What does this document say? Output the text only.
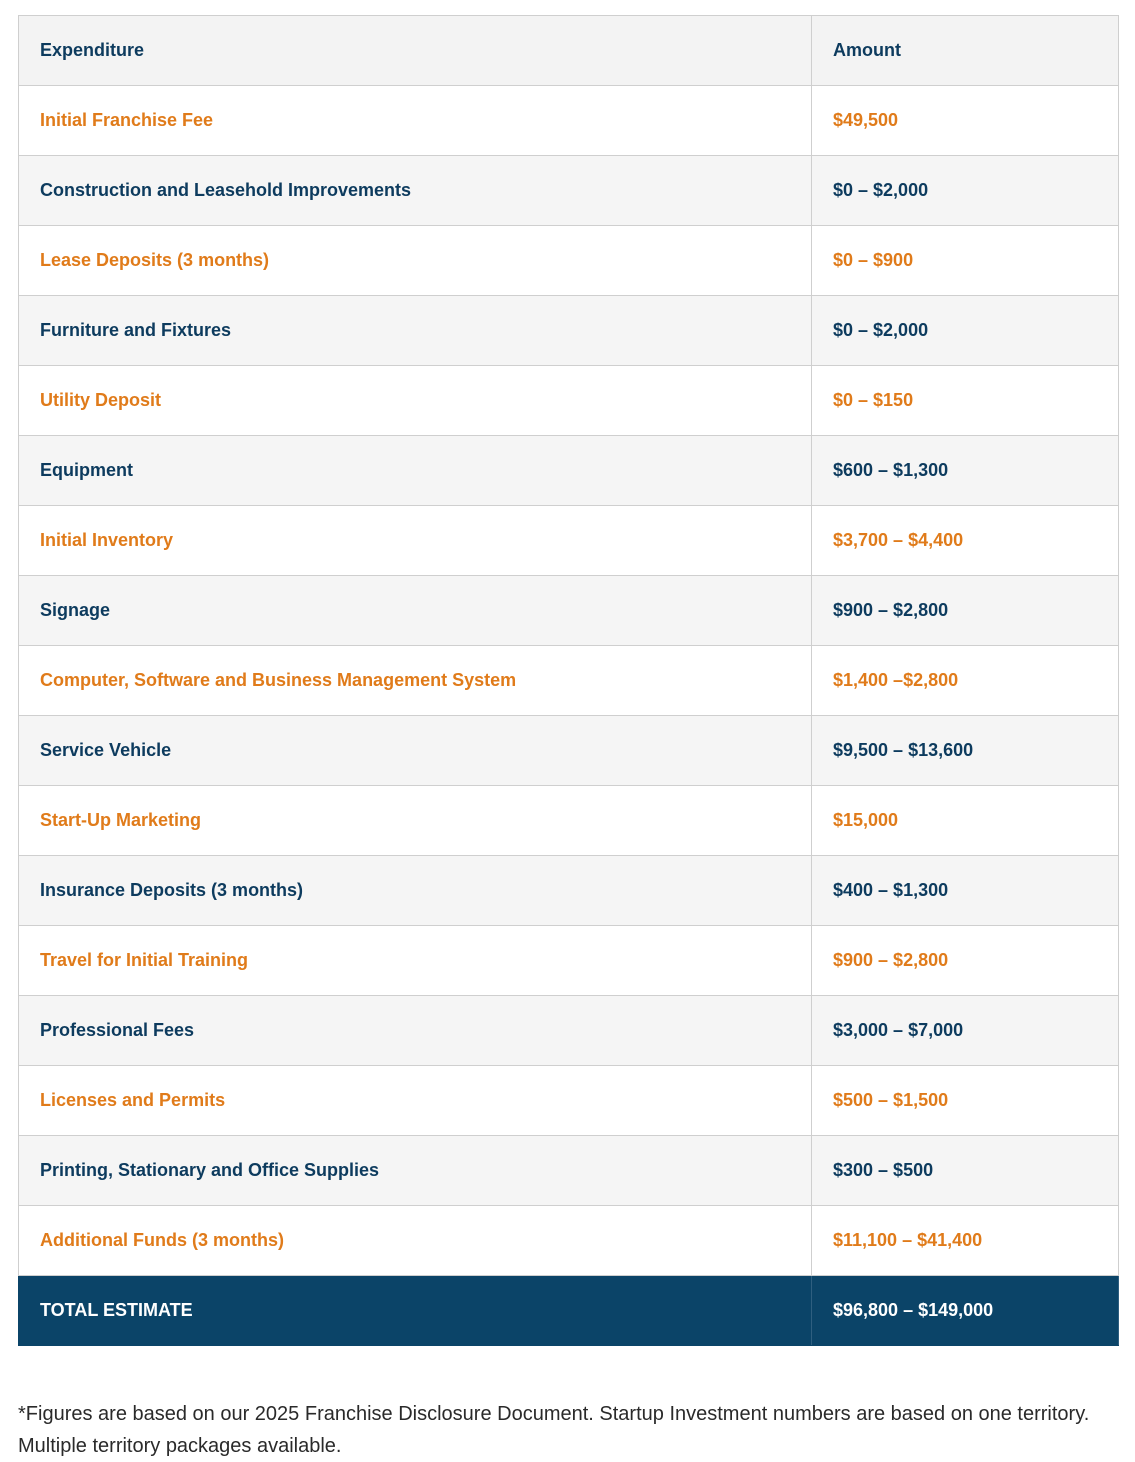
Expenditure	Amount
Initial Franchise Fee	$49,500
Construction and Leasehold Improvements	$0 – $2,000
Lease Deposits (3 months)	$0 – $900
Furniture and Fixtures	$0 – $2,000
Utility Deposit	$0 – $150
Equipment	$600 – $1,300
Initial Inventory	$3,700 – $4,400
Signage	$900 – $2,800
Computer, Software and Business Management System	$1,400 –$2,800
Service Vehicle	$9,500 – $13,600
Start-Up Marketing	$15,000
Insurance Deposits (3 months)	$400 – $1,300
Travel for Initial Training	$900 – $2,800
Professional Fees	$3,000 – $7,000
Licenses and Permits	$500 – $1,500
Printing, Stationary and Office Supplies	$300 – $500
Additional Funds (3 months)	$11,100 – $41,400
TOTAL ESTIMATE	$96,800 – $149,000

*Figures are based on our 2025 Franchise Disclosure Document. Startup Investment numbers are based on one territory. Multiple territory packages available.
